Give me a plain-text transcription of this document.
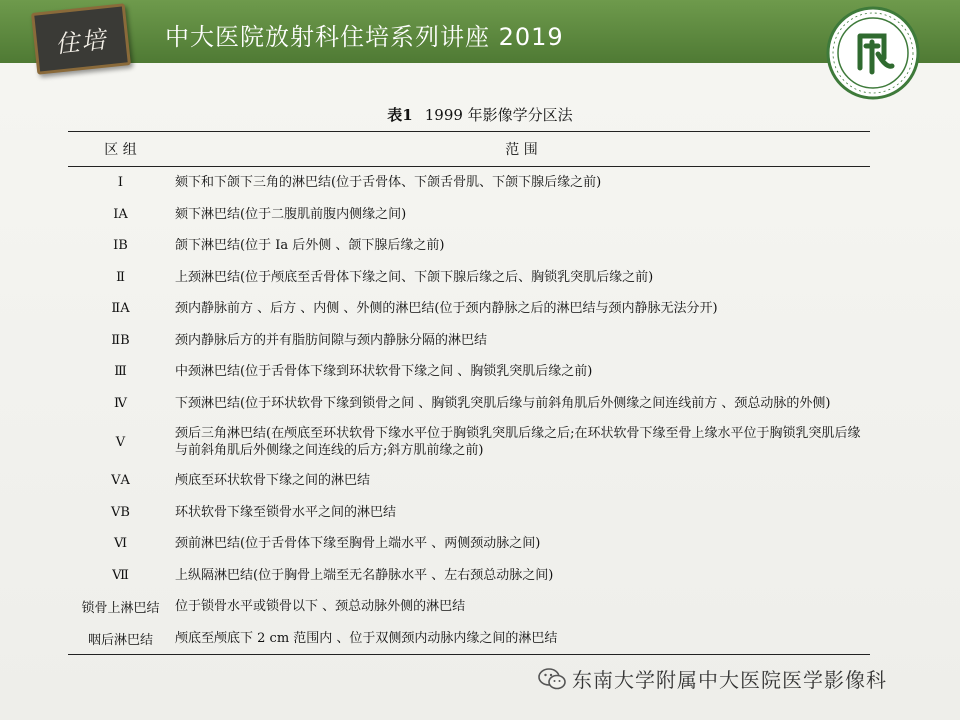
住培 中大医院放射科住培系列讲座 2019
表1 1999 年影像学分区法
区 组	范 围
Ⅰ	颏下和下颌下三角的淋巴结(位于舌骨体、下颌舌骨肌、下颌下腺后缘之前)
ⅠA	颏下淋巴结(位于二腹肌前腹内侧缘之间)
ⅠB	颌下淋巴结(位于 Ⅰa 后外侧 、颌下腺后缘之前)
Ⅱ	上颈淋巴结(位于颅底至舌骨体下缘之间、下颌下腺后缘之后、胸锁乳突肌后缘之前)
ⅡA	颈内静脉前方 、后方 、内侧 、外侧的淋巴结(位于颈内静脉之后的淋巴结与颈内静脉无法分开)
ⅡB	颈内静脉后方的并有脂肪间隙与颈内静脉分隔的淋巴结
Ⅲ	中颈淋巴结(位于舌骨体下缘到环状软骨下缘之间 、胸锁乳突肌后缘之前)
Ⅳ	下颈淋巴结(位于环状软骨下缘到锁骨之间 、胸锁乳突肌后缘与前斜角肌后外侧缘之间连线前方 、颈总动脉的外侧)
Ⅴ	颈后三角淋巴结(在颅底至环状软骨下缘水平位于胸锁乳突肌后缘之后;在环状软骨下缘至骨上缘水平位于胸锁乳突肌后缘与前斜角肌后外侧缘之间连线的后方;斜方肌前缘之前)
ⅤA	颅底至环状软骨下缘之间的淋巴结
ⅤB	环状软骨下缘至锁骨水平之间的淋巴结
Ⅵ	颈前淋巴结(位于舌骨体下缘至胸骨上端水平 、两侧颈动脉之间)
Ⅶ	上纵隔淋巴结(位于胸骨上端至无名静脉水平 、左右颈总动脉之间)
锁骨上淋巴结	位于锁骨水平或锁骨以下 、颈总动脉外侧的淋巴结
咽后淋巴结	颅底至颅底下 2 cm 范围内 、位于双侧颈内动脉内缘之间的淋巴结
东南大学附属中大医院医学影像科
